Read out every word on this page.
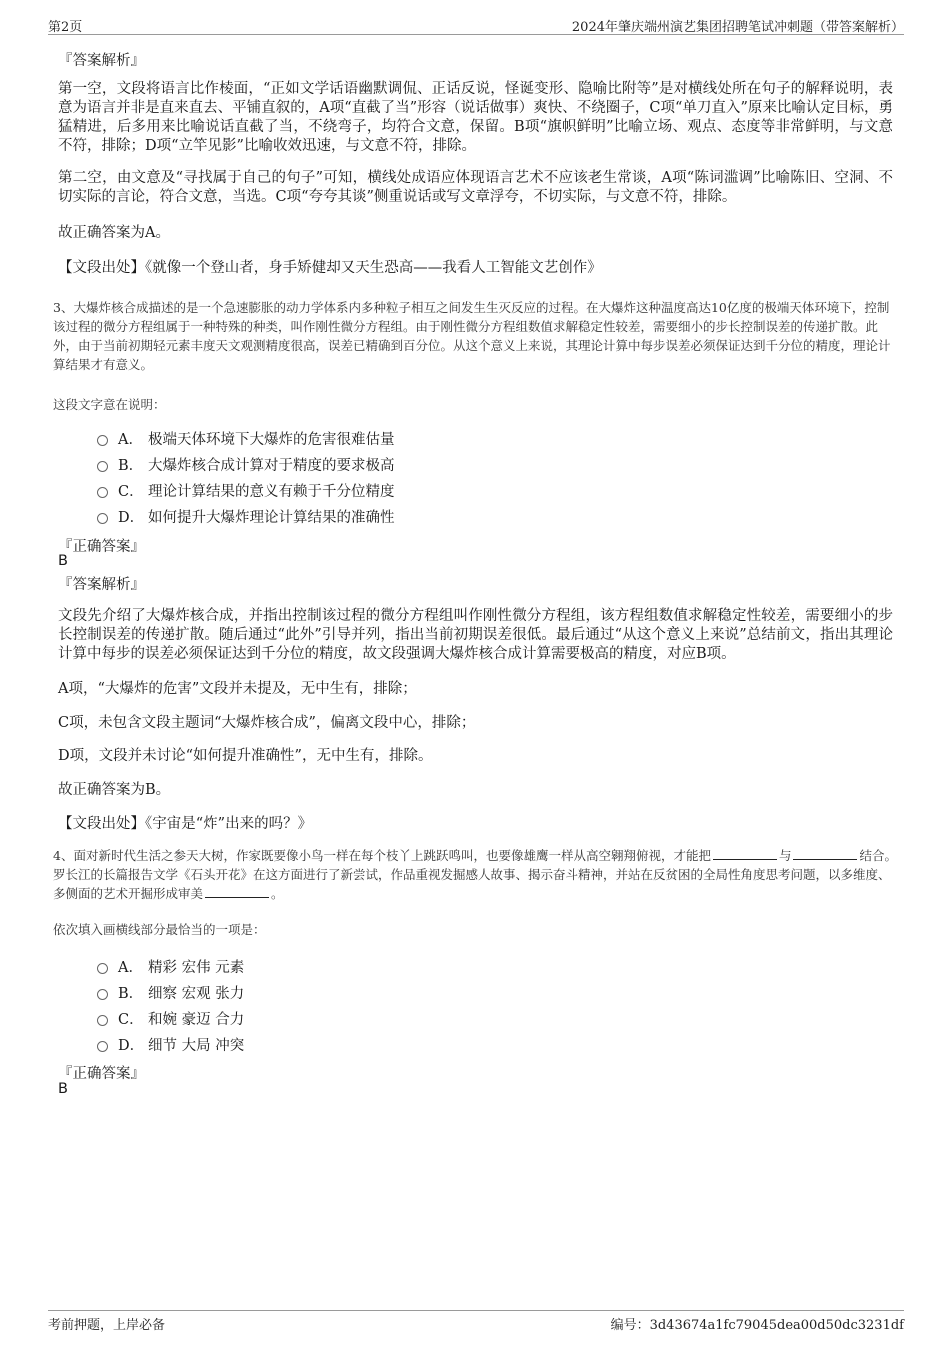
第2页	2024年肇庆端州演艺集团招聘笔试冲刺题（带答案解析）
『答案解析』
第一空，文段将语言比作棱面，“正如文学话语幽默调侃、正话反说，怪诞变形、隐喻比附等”是对横线处所在句子的解释说明，表意为语言并非是直来直去、平铺直叙的，A项“直截了当”形容（说话做事）爽快、不绕圈子，C项“单刀直入”原来比喻认定目标，勇猛精进，后多用来比喻说话直截了当，不绕弯子，均符合文意，保留。B项“旗帜鲜明”比喻立场、观点、态度等非常鲜明，与文意不符，排除；D项“立竿见影”比喻收效迅速，与文意不符，排除。
第二空，由文意及“寻找属于自己的句子”可知，横线处成语应体现语言艺术不应该老生常谈，A项“陈词滥调”比喻陈旧、空洞、不切实际的言论，符合文意，当选。C项“夸夸其谈”侧重说话或写文章浮夸，不切实际，与文意不符，排除。
故正确答案为A。
【文段出处】《就像一个登山者，身手矫健却又天生恐高——我看人工智能文艺创作》
3、大爆炸核合成描述的是一个急速膨胀的动力学体系内多种粒子相互之间发生生灭反应的过程。在大爆炸这种温度高达10亿度的极端天体环境下，控制该过程的微分方程组属于一种特殊的种类，叫作刚性微分方程组。由于刚性微分方程组数值求解稳定性较差，需要细小的步长控制误差的传递扩散。此外，由于当前初期轻元素丰度天文观测精度很高，误差已精确到百分位。从这个意义上来说，其理论计算中每步误差必须保证达到千分位的精度，理论计算结果才有意义。
这段文字意在说明：
A． 极端天体环境下大爆炸的危害很难估量
B． 大爆炸核合成计算对于精度的要求极高
C． 理论计算结果的意义有赖于千分位精度
D． 如何提升大爆炸理论计算结果的准确性
『正确答案』
B
『答案解析』
文段先介绍了大爆炸核合成，并指出控制该过程的微分方程组叫作刚性微分方程组，该方程组数值求解稳定性较差，需要细小的步长控制误差的传递扩散。随后通过“此外”引导并列，指出当前初期误差很低。最后通过“从这个意义上来说”总结前文，指出其理论计算中每步的误差必须保证达到千分位的精度，故文段强调大爆炸核合成计算需要极高的精度，对应B项。
A项，“大爆炸的危害”文段并未提及，无中生有，排除；
C项，未包含文段主题词“大爆炸核合成”，偏离文段中心，排除；
D项，文段并未讨论“如何提升准确性”，无中生有，排除。
故正确答案为B。
【文段出处】《宇宙是“炸”出来的吗？》
4、面对新时代生活之参天大树，作家既要像小鸟一样在每个枝丫上跳跃鸣叫，也要像雄鹰一样从高空翱翔俯视，才能把	与	结合。罗长江的长篇报告文学《石头开花》在这方面进行了新尝试，作品重视发掘感人故事、揭示奋斗精神，并站在反贫困的全局性角度思考问题，以多维度、多侧面的艺术开掘形成审美	。
依次填入画横线部分最恰当的一项是：
A． 精彩 宏伟 元素
B． 细察 宏观 张力
C． 和婉 豪迈 合力
D． 细节 大局 冲突
『正确答案』
B
考前押题，上岸必备	编号：3d43674a1fc79045dea00d50dc3231df
